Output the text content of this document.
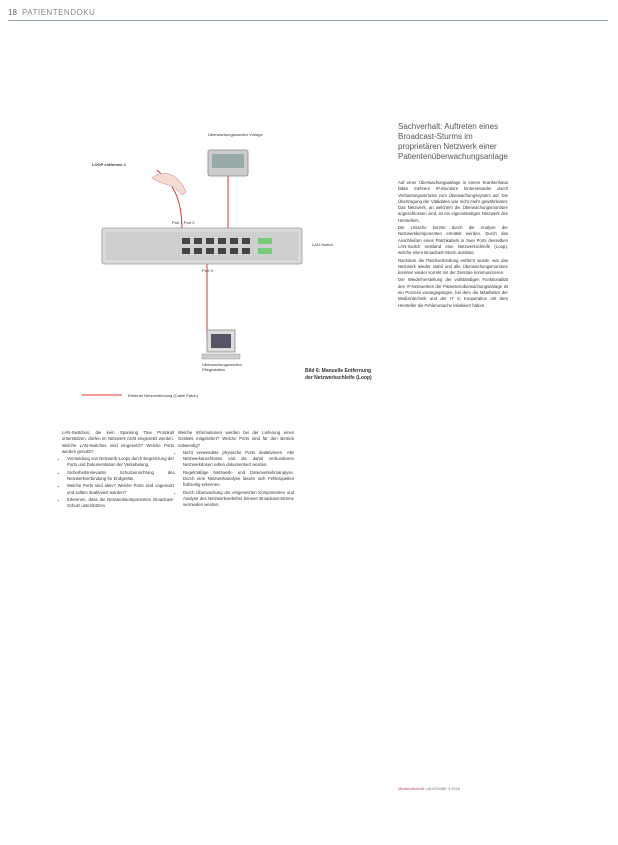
18 PATIENTENDOKU
Überwachungsmonitor Vorlage
LOOP entfernen 1
Port 1 Port 2
LAN-Switch
Port 3
Überwachungsmonitor Pflegestation
Ethernet Netzverbindung (Cable Patch)
Bild 6: Manuelle Entfernung der Netzwerkschleife (Loop)
Sachverhalt: Auftreten eines Broadcast-Sturms im proprietären Netzwerk einer Patientenüberwachungsanlage

Auf einer Überwachungsanlage in einem Krankenhaus fallen mehrere IP-Monitore hintereinander durch Verbindungsverluste zum Überwachungssystem auf. Die Übertragung der Vitaldaten war nicht mehr gewährleistet. Das Netzwerk, an welchem die Überwachungsmonitore angeschlossen sind, ist ein eigenständiges Netzwerk des Herstellers.

Die Ursache konnte durch die Analyse der Netzwerkkomponenten ermittelt werden. Durch das Anschließen eines Patchkabels in zwei Ports desselben LAN-Switch entstand eine Netzwerkschleife (Loop), welche einen Broadcast-Sturm auslöste.

Nachdem die Patchverbindung entfernt wurde, war das Netzwerk wieder stabil und alle Überwachungsmonitore konnten wieder korrekt mit der Zentrale kommunizieren.

Der Wiederherstellung der vollständigen Funktionalität des IT-Netzwerkes der Patientenüberwachungsanlage ist ein Prozess vorangegangen, bei dem die Mitarbeiter der Medizintechnik und der IT in Kooperation mit dem Hersteller die Fehlerursache lokalisiert haben.

LAN-Switches, die kein Spanning Tree Protokoll unterstützen, dürfen im Netzwerk nicht eingesetzt werden. Welche LAN-Switches sind eingesetzt? Welche Ports werden genutzt?

• Vermeidung von Netzwerk-Loops durch Begrenzung der Ports und Dokumentation der Verkabelung.
• Sicherheitsrelevante Schutzeinrichtung der Netzwerkverbindung für Endgeräte.
• Welche Ports sind aktiv? Welche Ports sind ungenutzt und sollten deaktiviert werden?
• Erkennen, dass die Netzwerkkomponenten Broadcast-Schutz unterstützen.

Welche Informationen werden bei der Lieferung eines Gerätes mitgeliefert? Welche Ports sind für den Betrieb notwendig?

• Nicht verwendete physische Ports deaktivieren. Alle Netzwerkanschlüsse und die damit verbundenen Netzwerkdosen sollen dokumentiert werden.
• Regelmäßige Netzwerk- und Datenverkehrsanalyse. Durch eine Netzwerkanalyse lassen sich Fehlerquellen frühzeitig erkennen.
• Durch Überwachung der eingesetzten Komponenten und Analyse des Netzwerkverkehrs können Broadcast-Stürme vermieden werden.
Medizintechnik | AUSGABE 4 2016
